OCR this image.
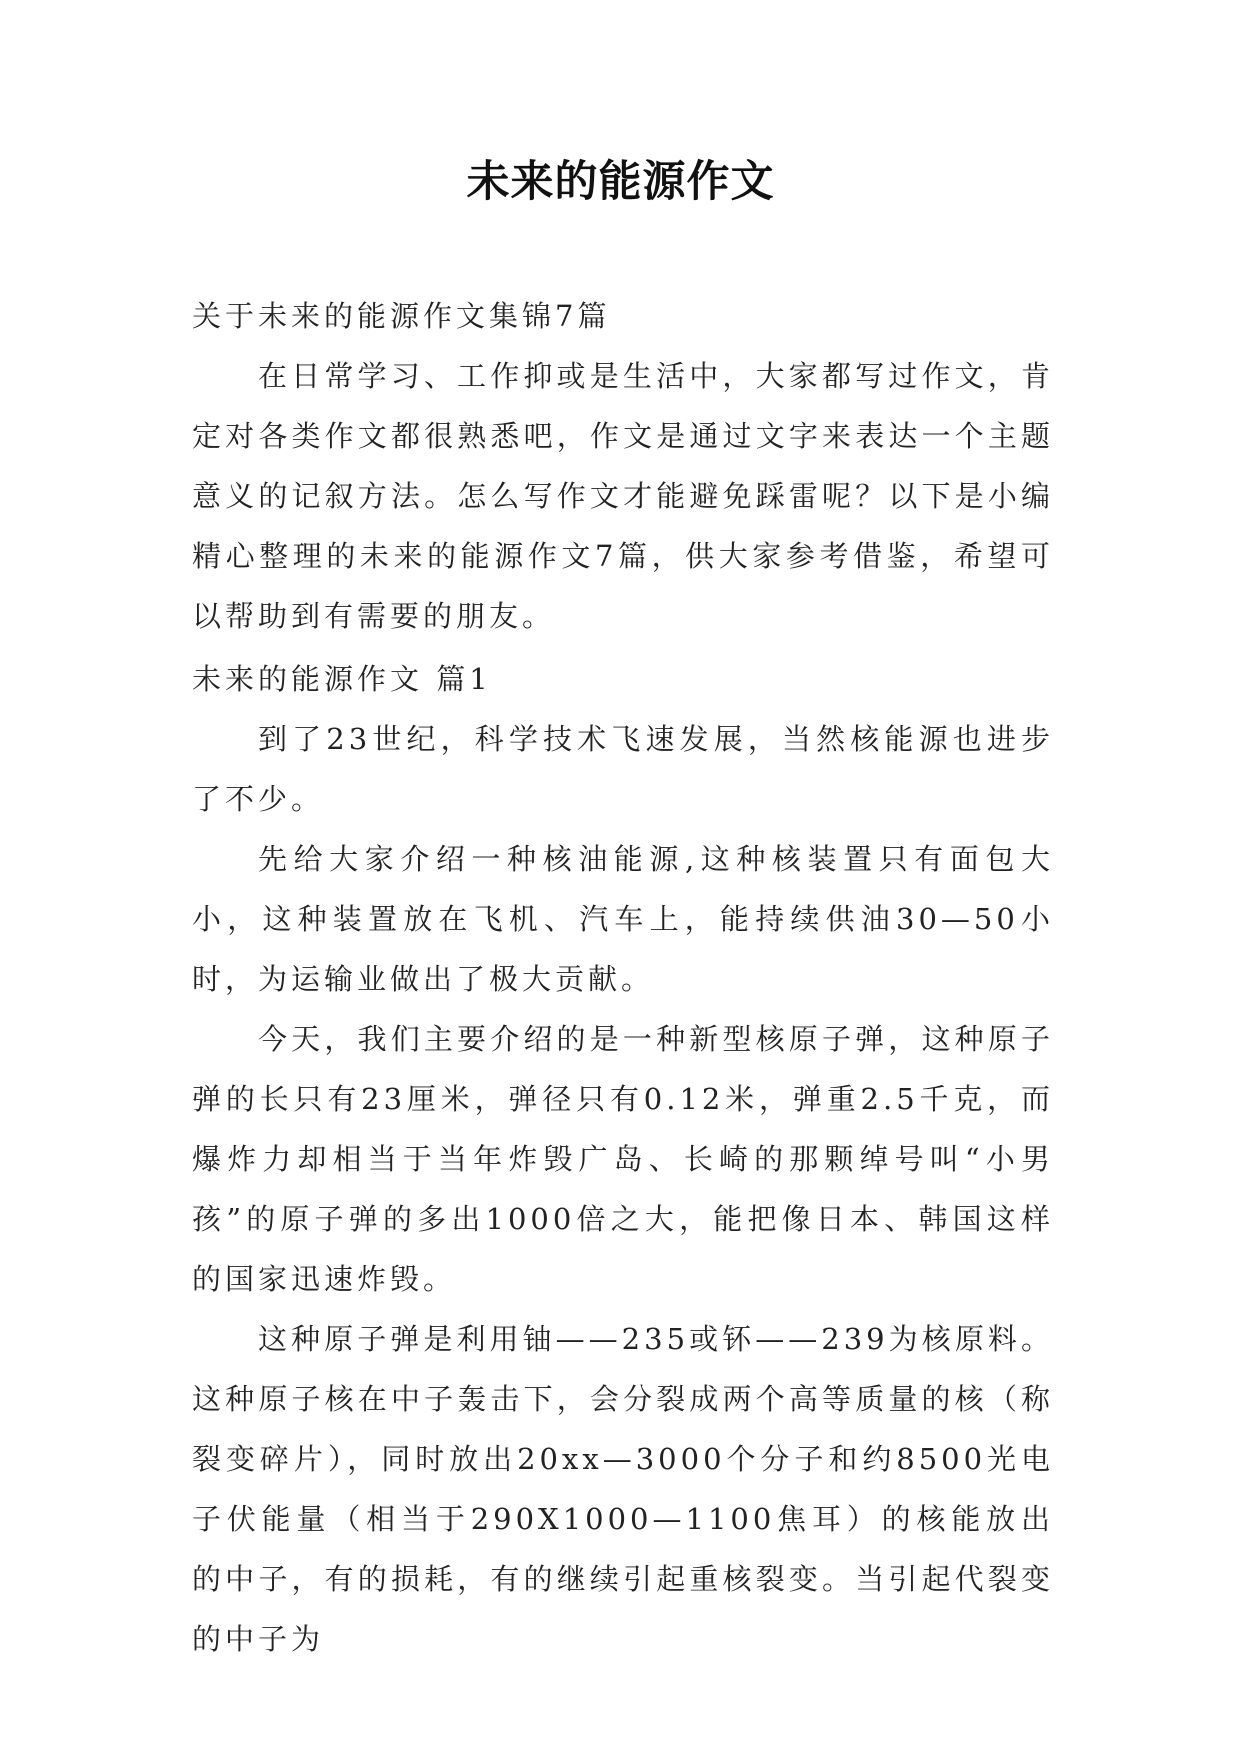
未来的能源作文

关于未来的能源作文集锦7篇

在日常学习、工作抑或是生活中，大家都写过作文，肯定对各类作文都很熟悉吧，作文是通过文字来表达一个主题意义的记叙方法。怎么写作文才能避免踩雷呢？以下是小编精心整理的未来的能源作文7篇，供大家参考借鉴，希望可以帮助到有需要的朋友。

未来的能源作文 篇1

到了23世纪，科学技术飞速发展，当然核能源也进步了不少。

先给大家介绍一种核油能源,这种核装置只有面包大小，这种装置放在飞机、汽车上，能持续供油30—50小时，为运输业做出了极大贡献。

今天，我们主要介绍的是一种新型核原子弹，这种原子弹的长只有23厘米，弹径只有0.12米，弹重2.5千克，而爆炸力却相当于当年炸毁广岛、长崎的那颗绰号叫“小男孩”的原子弹的多出1000倍之大，能把像日本、韩国这样的国家迅速炸毁。

这种原子弹是利用铀——235或钚——239为核原料。这种原子核在中子轰击下，会分裂成两个高等质量的核（称裂变碎片），同时放出20xx—3000个分子和约8500光电子伏能量（相当于290X1000—1100焦耳）的核能放出的中子，有的损耗，有的继续引起重核裂变。当引起代裂变的中子为
